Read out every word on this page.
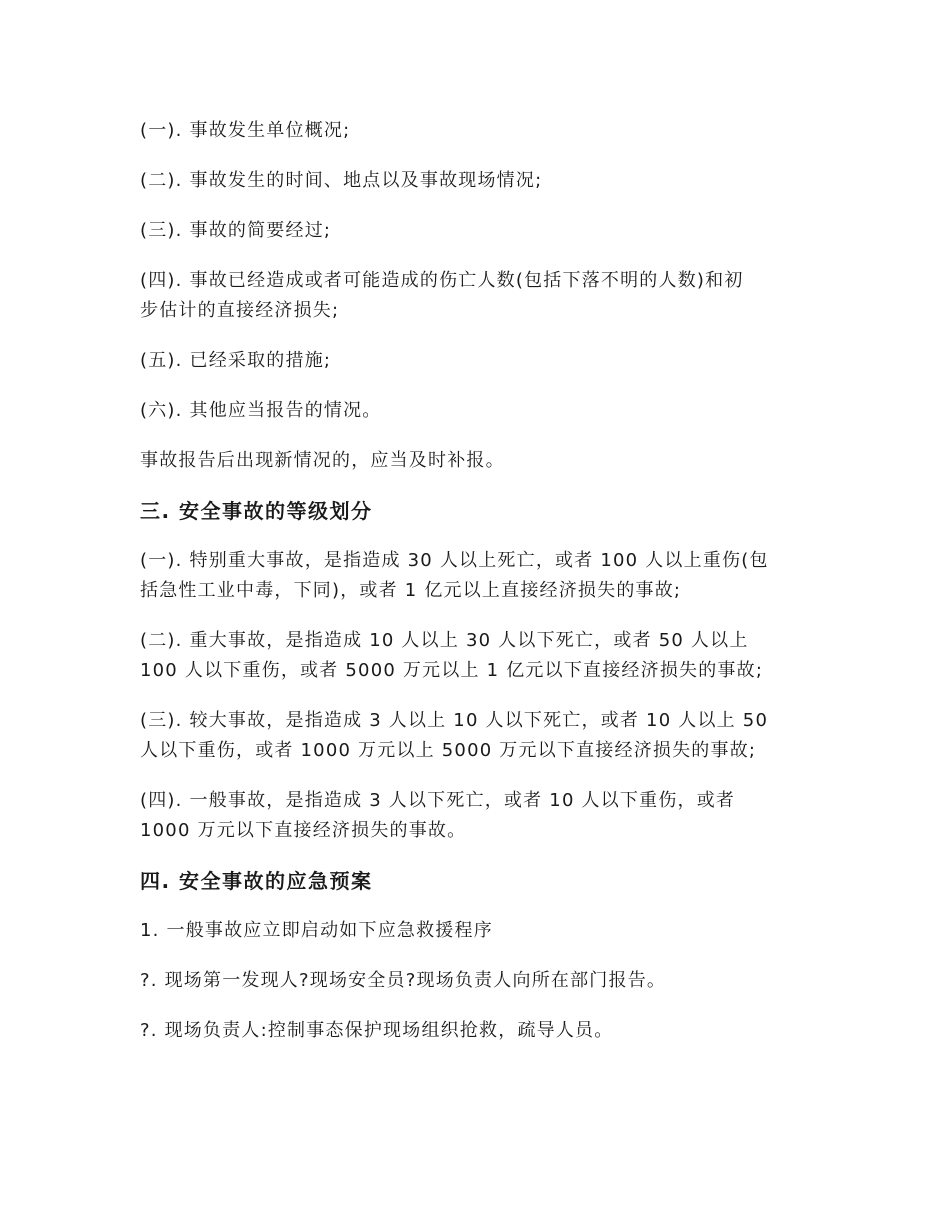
(一). 事故发生单位概况;

(二). 事故发生的时间、地点以及事故现场情况;

(三). 事故的简要经过;

(四). 事故已经造成或者可能造成的伤亡人数(包括下落不明的人数)和初
步估计的直接经济损失;

(五). 已经采取的措施;

(六). 其他应当报告的情况。

事故报告后出现新情况的，应当及时补报。

三. 安全事故的等级划分

(一). 特别重大事故，是指造成 30 人以上死亡，或者 100 人以上重伤(包
括急性工业中毒，下同)，或者 1 亿元以上直接经济损失的事故;

(二). 重大事故，是指造成 10 人以上 30 人以下死亡，或者 50 人以上
100 人以下重伤，或者 5000 万元以上 1 亿元以下直接经济损失的事故;

(三). 较大事故，是指造成 3 人以上 10 人以下死亡，或者 10 人以上 50
人以下重伤，或者 1000 万元以上 5000 万元以下直接经济损失的事故;

(四). 一般事故，是指造成 3 人以下死亡，或者 10 人以下重伤，或者
1000 万元以下直接经济损失的事故。

四. 安全事故的应急预案

1. 一般事故应立即启动如下应急救援程序

?. 现场第一发现人?现场安全员?现场负责人向所在部门报告。

?. 现场负责人:控制事态保护现场组织抢救，疏导人员。
